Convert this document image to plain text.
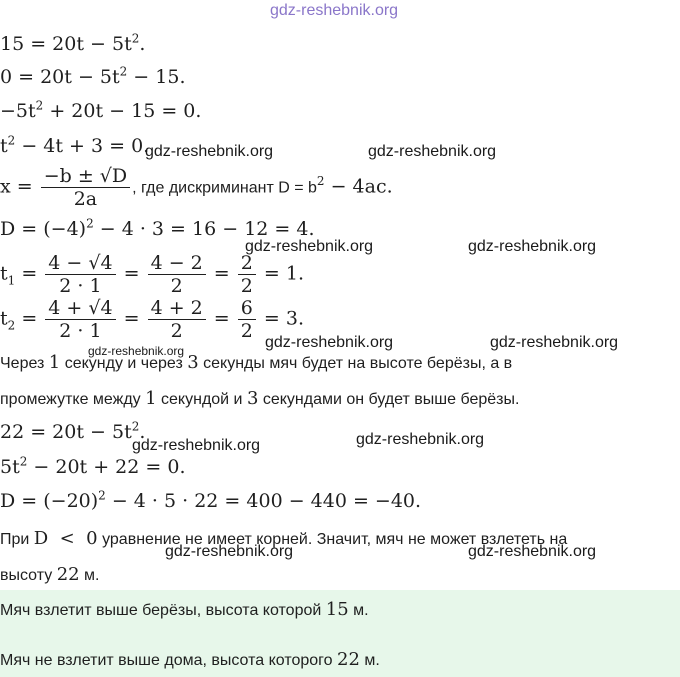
gdz-reshebnik.org
$15 = 20t - 5t^2$.
$0 = 20t - 5t^2 - 15$.
$-5t^2 + 20t - 15 = 0$.
$t^2 - 4t + 3 = 0$.
gdz-reshebnik.org	gdz-reshebnik.org
$x = \frac{-b \pm √D}{2a}$ , где дискриминант $D = b^2 - 4ac$.
$D = (-4)^2 - 4 \cdot 3 = 16 - 12 = 4$.
gdz-reshebnik.org	gdz-reshebnik.org
$t_1 = \frac{4 - √4}{2 \cdot 1} = \frac{4 - 2}{2} = \frac{2}{2} = 1$.
$t_2 = \frac{4 + √4}{2 \cdot 1} = \frac{4 + 2}{2} = \frac{6}{2} = 3$.
gdz-reshebnik.org	gdz-reshebnik.org
gdz-reshebnik.org
Через 1 секунду и через 3 секунды мяч будет на высоте берёзы, а в
промежутке между 1 секундой и 3 секундами он будет выше берёзы.
$22 = 20t - 5t^2$.
gdz-reshebnik.org	gdz-reshebnik.org
$5t^2 - 20t + 22 = 0$.
$D = (-20)^2 - 4 \cdot 5 \cdot 22 = 400 - 440 = -40$.
При D  <  0 уравнение не имеет корней. Значит, мяч не может взлететь на
gdz-reshebnik.org	gdz-reshebnik.org
высоту 22 м.
Мяч взлетит выше берёзы, высота которой 15 м.
Мяч не взлетит выше дома, высота которого 22 м.
